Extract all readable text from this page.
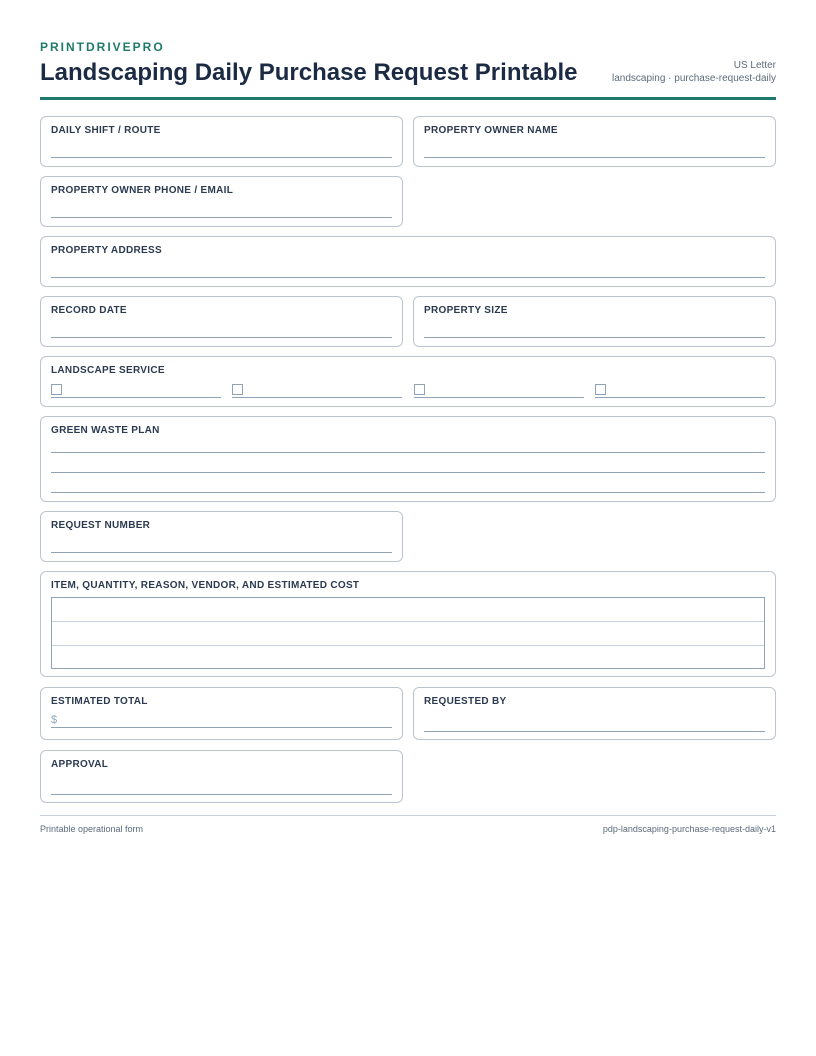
PRINTDRIVEPRO
Landscaping Daily Purchase Request Printable	US Letter
landscaping · purchase-request-daily
DAILY SHIFT / ROUTE	PROPERTY OWNER NAME
PROPERTY OWNER PHONE / EMAIL
PROPERTY ADDRESS
RECORD DATE	PROPERTY SIZE
LANDSCAPE SERVICE
GREEN WASTE PLAN
REQUEST NUMBER
ITEM, QUANTITY, REASON, VENDOR, AND ESTIMATED COST
ESTIMATED TOTAL
$
REQUESTED BY
APPROVAL
Printable operational form	pdp-landscaping-purchase-request-daily-v1
